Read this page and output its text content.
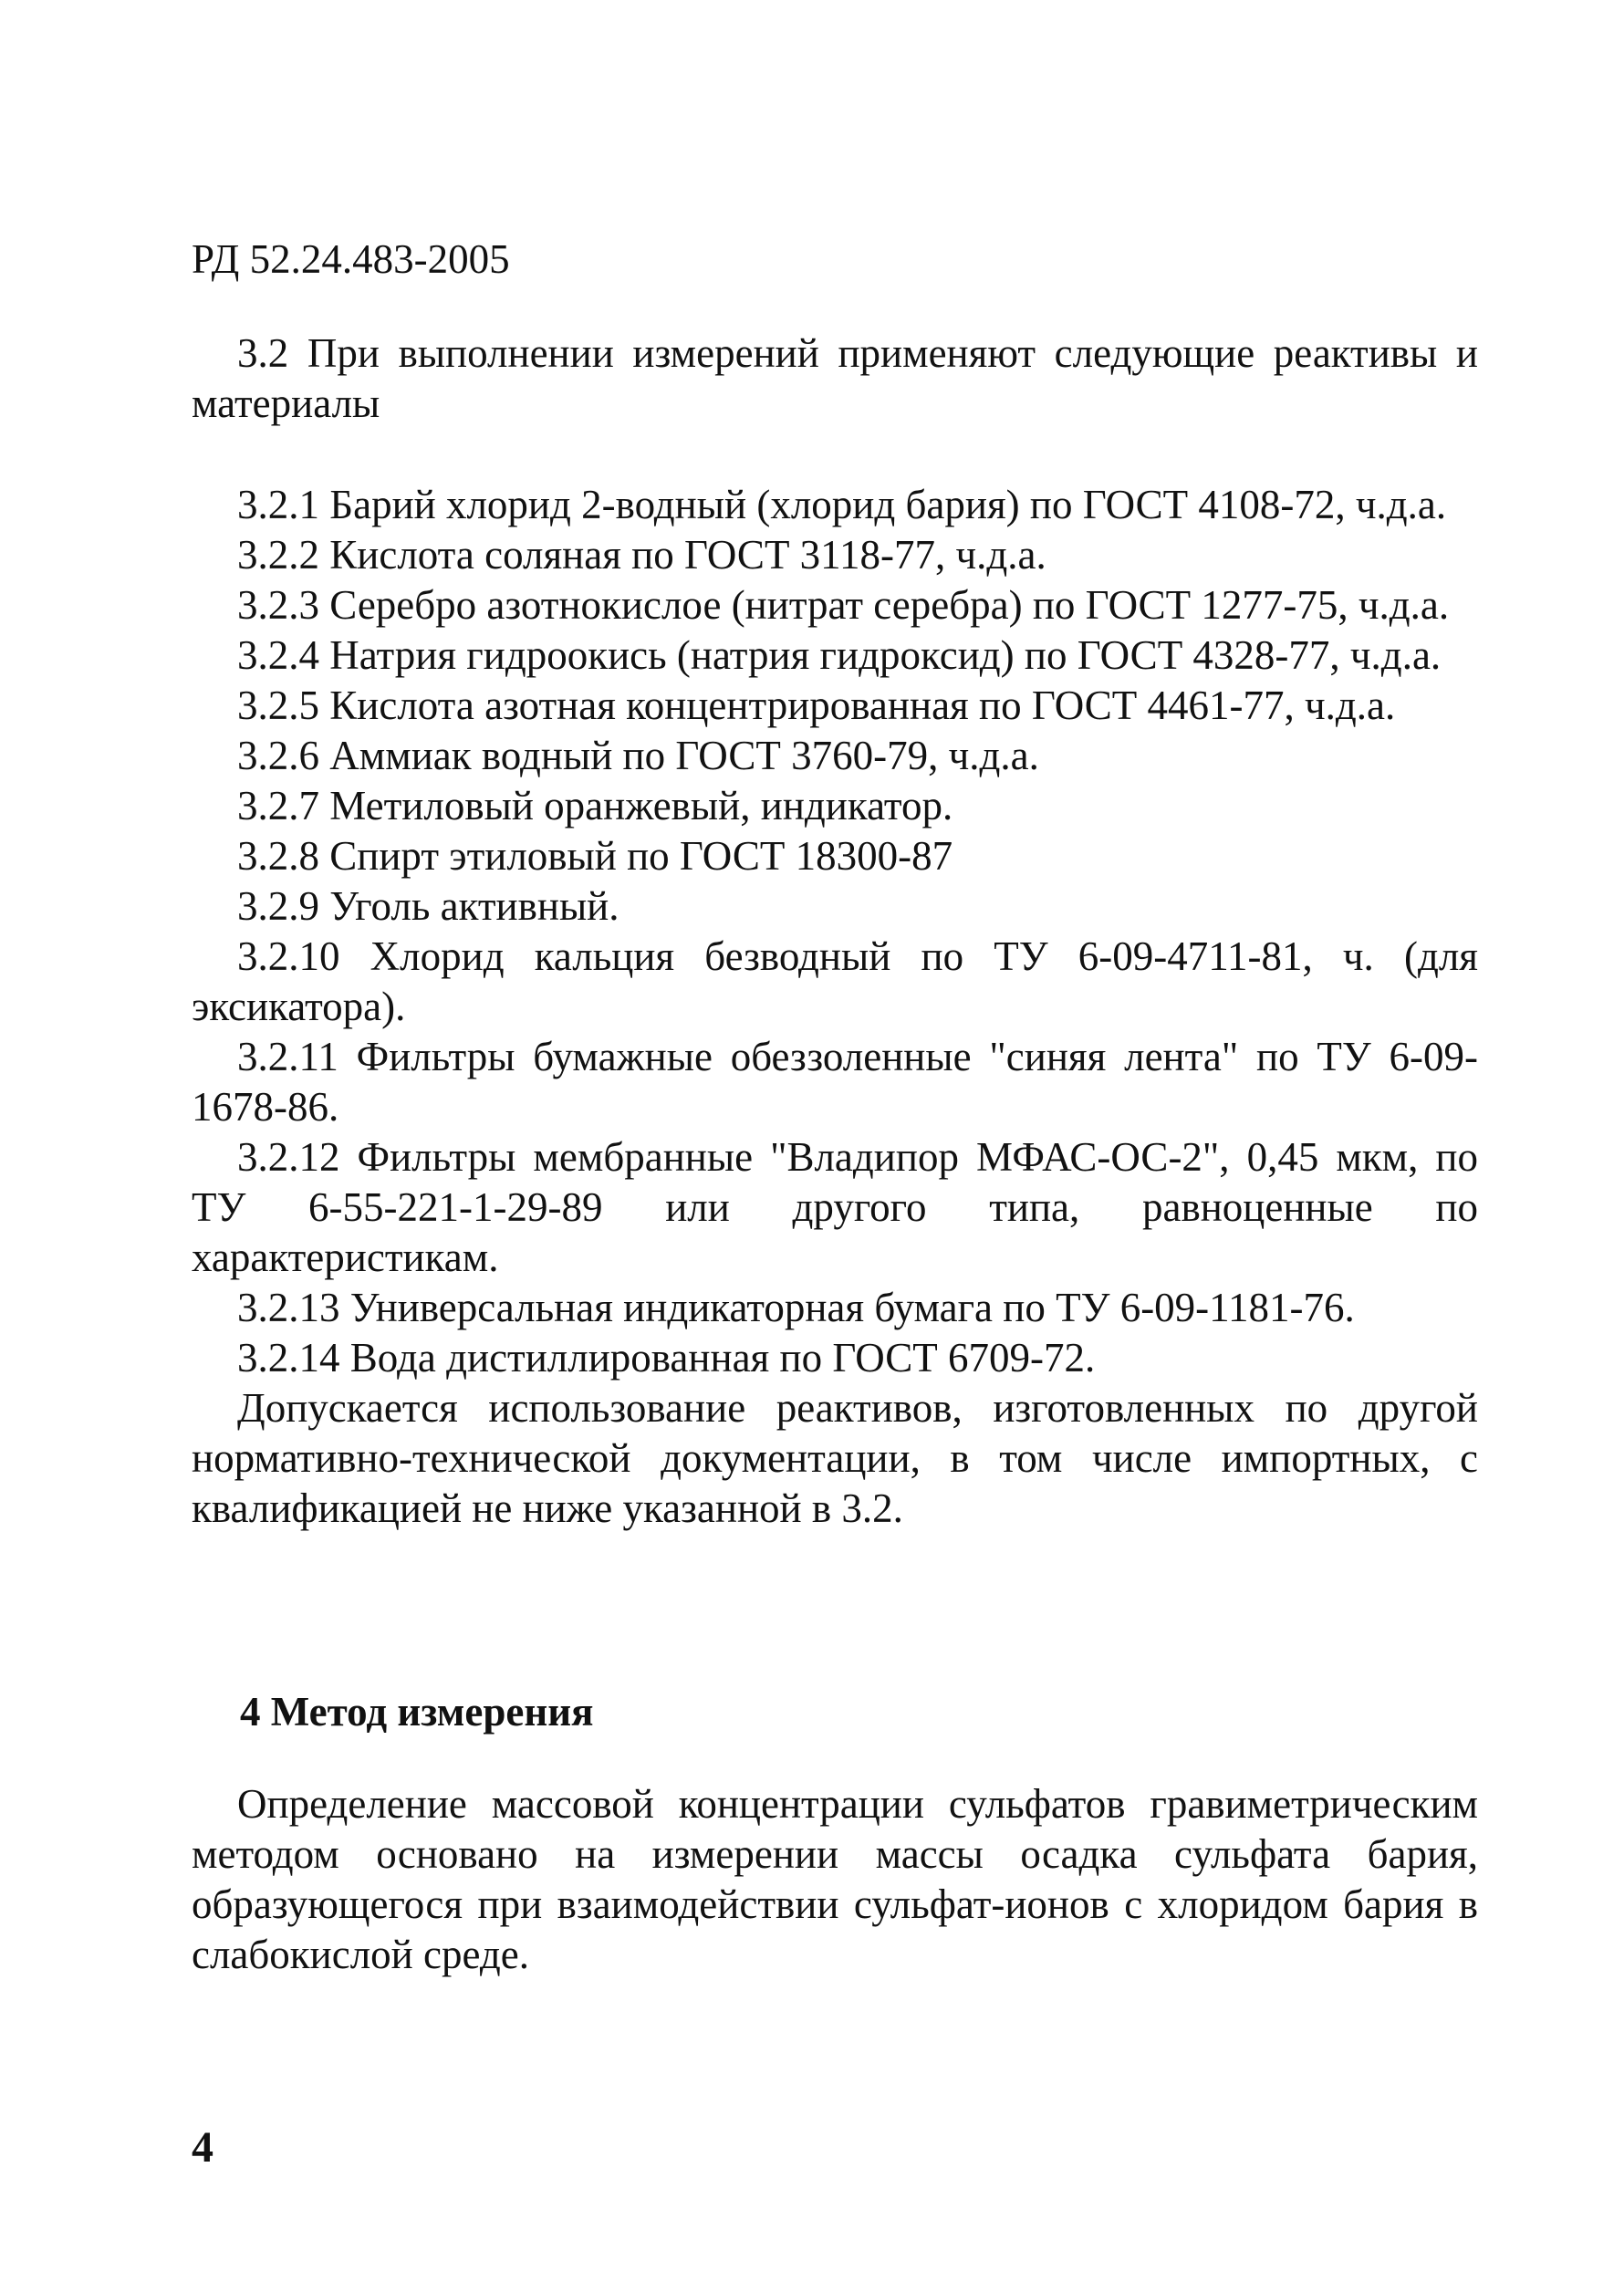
РД 52.24.483-2005

3.2 При выполнении измерений применяют следующие реактивы и материалы

3.2.1 Барий хлорид 2-водный (хлорид бария) по ГОСТ 4108-72, ч.д.а.

3.2.2 Кислота соляная по ГОСТ 3118-77, ч.д.а.

3.2.3 Серебро азотнокислое (нитрат серебра) по ГОСТ 1277-75, ч.д.а.

3.2.4 Натрия гидроокись (натрия гидроксид) по ГОСТ 4328-77, ч.д.а.

3.2.5 Кислота азотная концентрированная по ГОСТ 4461-77, ч.д.а.

3.2.6 Аммиак водный по ГОСТ 3760-79, ч.д.а.

3.2.7 Метиловый оранжевый, индикатор.

3.2.8 Спирт этиловый по ГОСТ 18300-87

3.2.9 Уголь активный.

3.2.10 Хлорид кальция безводный по ТУ 6-09-4711-81, ч. (для эксикатора).

3.2.11 Фильтры бумажные обеззоленные "синяя лента" по ТУ 6-09-1678-86.

3.2.12 Фильтры мембранные "Владипор МФАС-ОС-2", 0,45 мкм, по ТУ 6-55-221-1-29-89 или другого типа, равноценные по характеристикам.

3.2.13 Универсальная индикаторная бумага по ТУ 6-09-1181-76.

3.2.14 Вода дистиллированная по ГОСТ 6709-72.

Допускается использование реактивов, изготовленных по другой нормативно-технической документации, в том числе импортных, с квалификацией не ниже указанной в 3.2.

4 Метод измерения

Определение массовой концентрации сульфатов гравиметрическим методом основано на измерении массы осадка сульфата бария, образующегося при взаимодействии сульфат-ионов с хлоридом бария в слабокислой среде.

4
